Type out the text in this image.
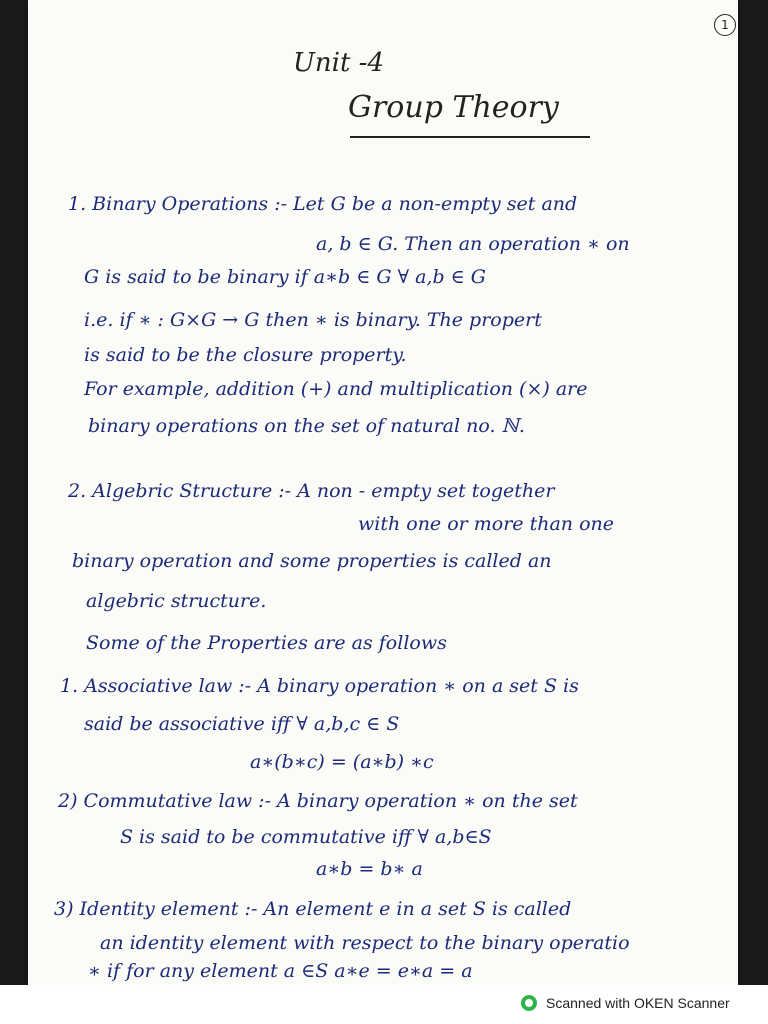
1
Unit -4
Group Theory
1. Binary Operations :- Let G be a non-empty set and
a, b ∈ G. Then an operation ∗ on
G is said to be binary if a∗b ∈ G ∀ a,b ∈ G
i.e. if ∗ : G×G → G then ∗ is binary. The propert
is said to be the closure property.
For example, addition (+) and multiplication (×) are
binary operations on the set of natural no. ℕ.
2. Algebric Structure :- A non - empty set together
with one or more than one
binary operation and some properties is called an
algebric structure.
Some of the Properties are as follows
1. Associative law :- A binary operation ∗ on a set S is
said be associative iff ∀ a,b,c ∈ S
a∗(b∗c) = (a∗b) ∗c
2) Commutative law :- A binary operation ∗ on the set
S is said to be commutative iff ∀ a,b∈S
a∗b = b∗ a
3) Identity element :- An element e in a set S is called
an identity element with respect to the binary operatio
∗ if for any element a ∈S a∗e = e∗a = a
Scanned with OKEN Scanner
